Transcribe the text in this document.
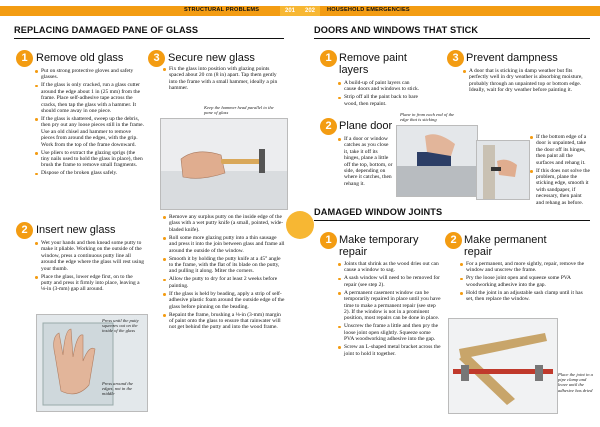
STRUCTURAL PROBLEMS	201
REPLACING DAMAGED PANE OF GLASS
1 Remove old glass
Put on strong protective gloves and safety glasses.
If the glass is only cracked, run a glass cutter around the edge about 1 in (25 mm) from the frame. Place self-adhesive tape across the cracks, then tap the glass with a hammer. It should come away in one piece.
If the glass is shattered, sweep up the debris, then pry out any loose pieces still in the frame. Use an old chisel and hammer to remove pieces from around the edges, with the grip. Work from the top of the frame downward.
Use pliers to extract the glazing sprigs (the tiny nails used to hold the glass in place), then brush the frame to remove small fragments.
Dispose of the broken glass safely.
2 Insert new glass
Wet your hands and then knead some putty to make it pliable. Working on the outside of the window, press a continuous putty line all around the edge where the glass will rest using your thumb.
Place the glass, lower edge first, on to the putty and press it firmly into place, leaving a ⅛-in (3-mm) gap all around.
Press until the putty squeezes out on the inside of the glass
Press around the edges, not in the middle
3 Secure new glass
Fix the glass into position with glazing points spaced about 20 cm (8 in) apart. Tap them gently into the frame with a small hammer, ideally a pin hammer.
Keep the hammer head parallel to the pane of glass
Remove any surplus putty on the inside edge of the glass with a wet putty knife (a small, pointed, wide-bladed knife).
Roll some more glazing putty into a thin sausage and press it into the join between glass and frame all around the outside of the window.
Smooth it by holding the putty knife at a 45° angle to the frame, with the flat of its blade on the putty, and pulling it along. Miter the corners.
Allow the putty to dry for at least 2 weeks before painting.
If the glass is held by beading, apply a strip of self-adhesive plastic foam around the outside edge of the glass before pinning on the beading.
Repaint the frame, brushing a ⅛-in (3-mm) margin of paint onto the glass to ensure that rainwater will not get behind the putty and into the wood frame.
202	HOUSEHOLD EMERGENCIES
DOORS AND WINDOWS THAT STICK
1 Remove paint layers
A build-up of paint layers can cause doors and windows to stick.
Strip off all the paint back to bare wood, then repaint.
2 Plane door
If a door or window catches as you close it, take it off its hinges, plane a little off the top, bottom, or side, depending on where it catches, then rehang it.
Plane in from each end of the edge that is sticking
3 Prevent dampness
A door that is sticking in damp weather but fits perfectly well in dry weather is absorbing moisture, probably through an unpainted top or bottom edge. Ideally, wait for dry weather before painting it.
If the bottom edge of a door is unpainted, take the door off its hinges, then paint all the surfaces and rehang it.
If this does not solve the problem, plane the sticking edge, smooth it with sandpaper, if necessary, then paint and rehang as before.
DAMAGED WINDOW JOINTS
1 Make temporary repair
Joints that shrink as the wood dries out can cause a window to sag.
A sash window will need to be removed for repair (see step 2).
A permanent casement window can be temporarily repaired in place until you have time to make a permanent repair (see step 2). If the window is not in a prominent position, most repairs can be done in place.
Unscrew the frame a little and then pry the loose joint open slightly. Squeeze some PVA woodworking adhesive into the gap.
Screw an L-shaped metal bracket across the joint to hold it together.
2 Make permanent repair
For a permanent, and more sightly, repair, remove the window and unscrew the frame.
Pry the loose joint open and squeeze some PVA woodworking adhesive into the gap.
Hold the joint in an adjustable sash clamp until it has set, then replace the window.
Place the joint in a pipe clamp and leave until the adhesive has dried
